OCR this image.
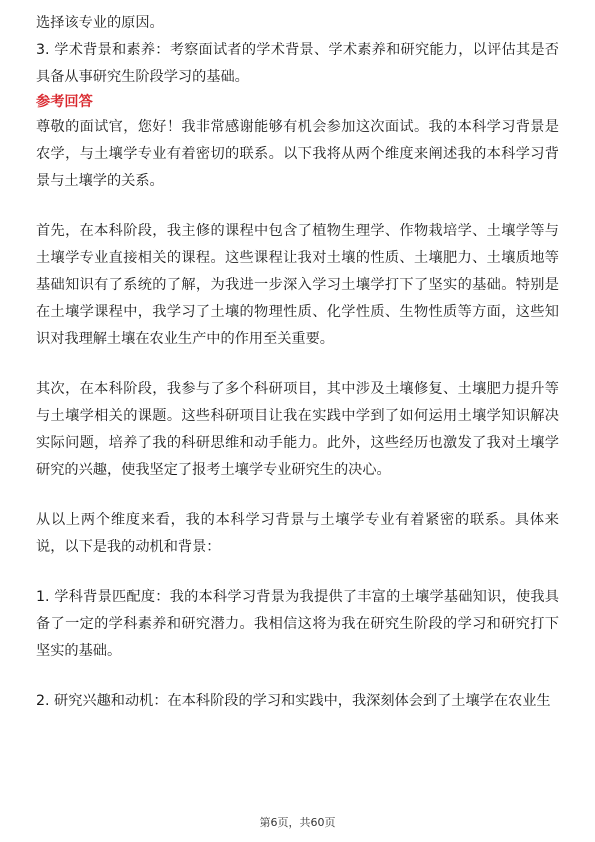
选择该专业的原因。

3. 学术背景和素养：考察面试者的学术背景、学术素养和研究能力，以评估其是否具备从事研究生阶段学习的基础。

参考回答

尊敬的面试官，您好！我非常感谢能够有机会参加这次面试。我的本科学习背景是农学，与土壤学专业有着密切的联系。以下我将从两个维度来阐述我的本科学习背景与土壤学的关系。

首先，在本科阶段，我主修的课程中包含了植物生理学、作物栽培学、土壤学等与土壤学专业直接相关的课程。这些课程让我对土壤的性质、土壤肥力、土壤质地等基础知识有了系统的了解，为我进一步深入学习土壤学打下了坚实的基础。特别是在土壤学课程中，我学习了土壤的物理性质、化学性质、生物性质等方面，这些知识对我理解土壤在农业生产中的作用至关重要。

其次，在本科阶段，我参与了多个科研项目，其中涉及土壤修复、土壤肥力提升等与土壤学相关的课题。这些科研项目让我在实践中学到了如何运用土壤学知识解决实际问题，培养了我的科研思维和动手能力。此外，这些经历也激发了我对土壤学研究的兴趣，使我坚定了报考土壤学专业研究生的决心。

从以上两个维度来看，我的本科学习背景与土壤学专业有着紧密的联系。具体来说，以下是我的动机和背景：

1. 学科背景匹配度：我的本科学习背景为我提供了丰富的土壤学基础知识，使我具备了一定的学科素养和研究潜力。我相信这将为我在研究生阶段的学习和研究打下坚实的基础。

2. 研究兴趣和动机：在本科阶段的学习和实践中，我深刻体会到了土壤学在农业生

第6页，共60页
